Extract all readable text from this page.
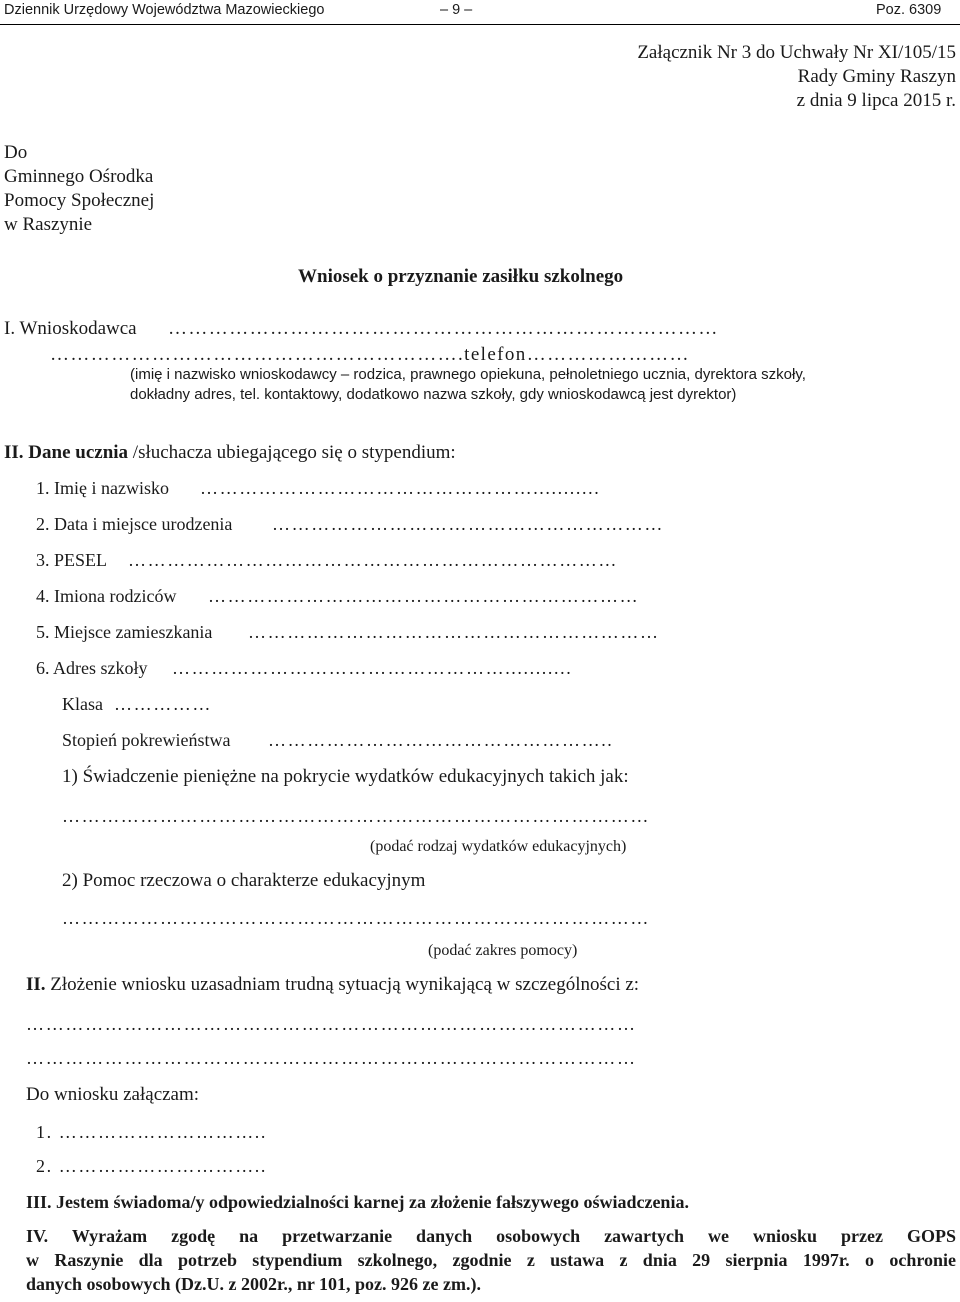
Dziennik Urzędowy Województwa Mazowieckiego	– 9 –	Poz. 6309
Załącznik Nr 3 do Uchwały Nr XI/105/15
Rady Gminy Raszyn
z dnia 9 lipca 2015 r.
Do
Gminnego Ośrodka
Pomocy Społecznej
w Raszynie
Wniosek o przyznanie zasiłku szkolnego
I. Wnioskodawca ………………………………………………………………………
…………………………………………………….telefon……………………
(imię i nazwisko wnioskodawcy – rodzica, prawnego opiekuna, pełnoletniego ucznia, dyrektora szkoły,
dokładny adres, tel. kontaktowy, dodatkowo nazwa szkoły, gdy wnioskodawcą jest dyrektor)
II. Dane ucznia /słuchacza ubiegającego się o stypendium:
1. Imię i nazwisko ……………………………………………...........
2. Data i miejsce urodzenia ……………………………………………………
3. PESEL …………………………………………………………………
4. Imiona rodziców …………………………………………………………
5. Miejsce zamieszkania ………………………………………………………
6. Adres szkoły ……………………………………………...........
Klasa ……………
Stopień pokrewieństwa ……………………………………………..
1) Świadczenie pieniężne na pokrycie wydatków edukacyjnych takich jak:
………………………………………………………………………………
(podać rodzaj wydatków edukacyjnych)
2) Pomoc rzeczowa o charakterze edukacyjnym
………………………………………………………………………………
(podać zakres pomocy)
II. Złożenie wniosku uzasadniam trudną sytuacją wynikającą w szczególności z:
…………………………………………………………………………………
…………………………………………………………………………………
Do wniosku załączam:
1. …………………………..
2. …………………………..
III. Jestem świadoma/y odpowiedzialności karnej za złożenie fałszywego oświadczenia.
IV. Wyrażam zgodę na przetwarzanie danych osobowych zawartych we wniosku przez GOPS
w Raszynie dla potrzeb stypendium szkolnego, zgodnie z ustawa z dnia 29 sierpnia 1997r. o ochronie
danych osobowych (Dz.U. z 2002r., nr 101, poz. 926 ze zm.).
